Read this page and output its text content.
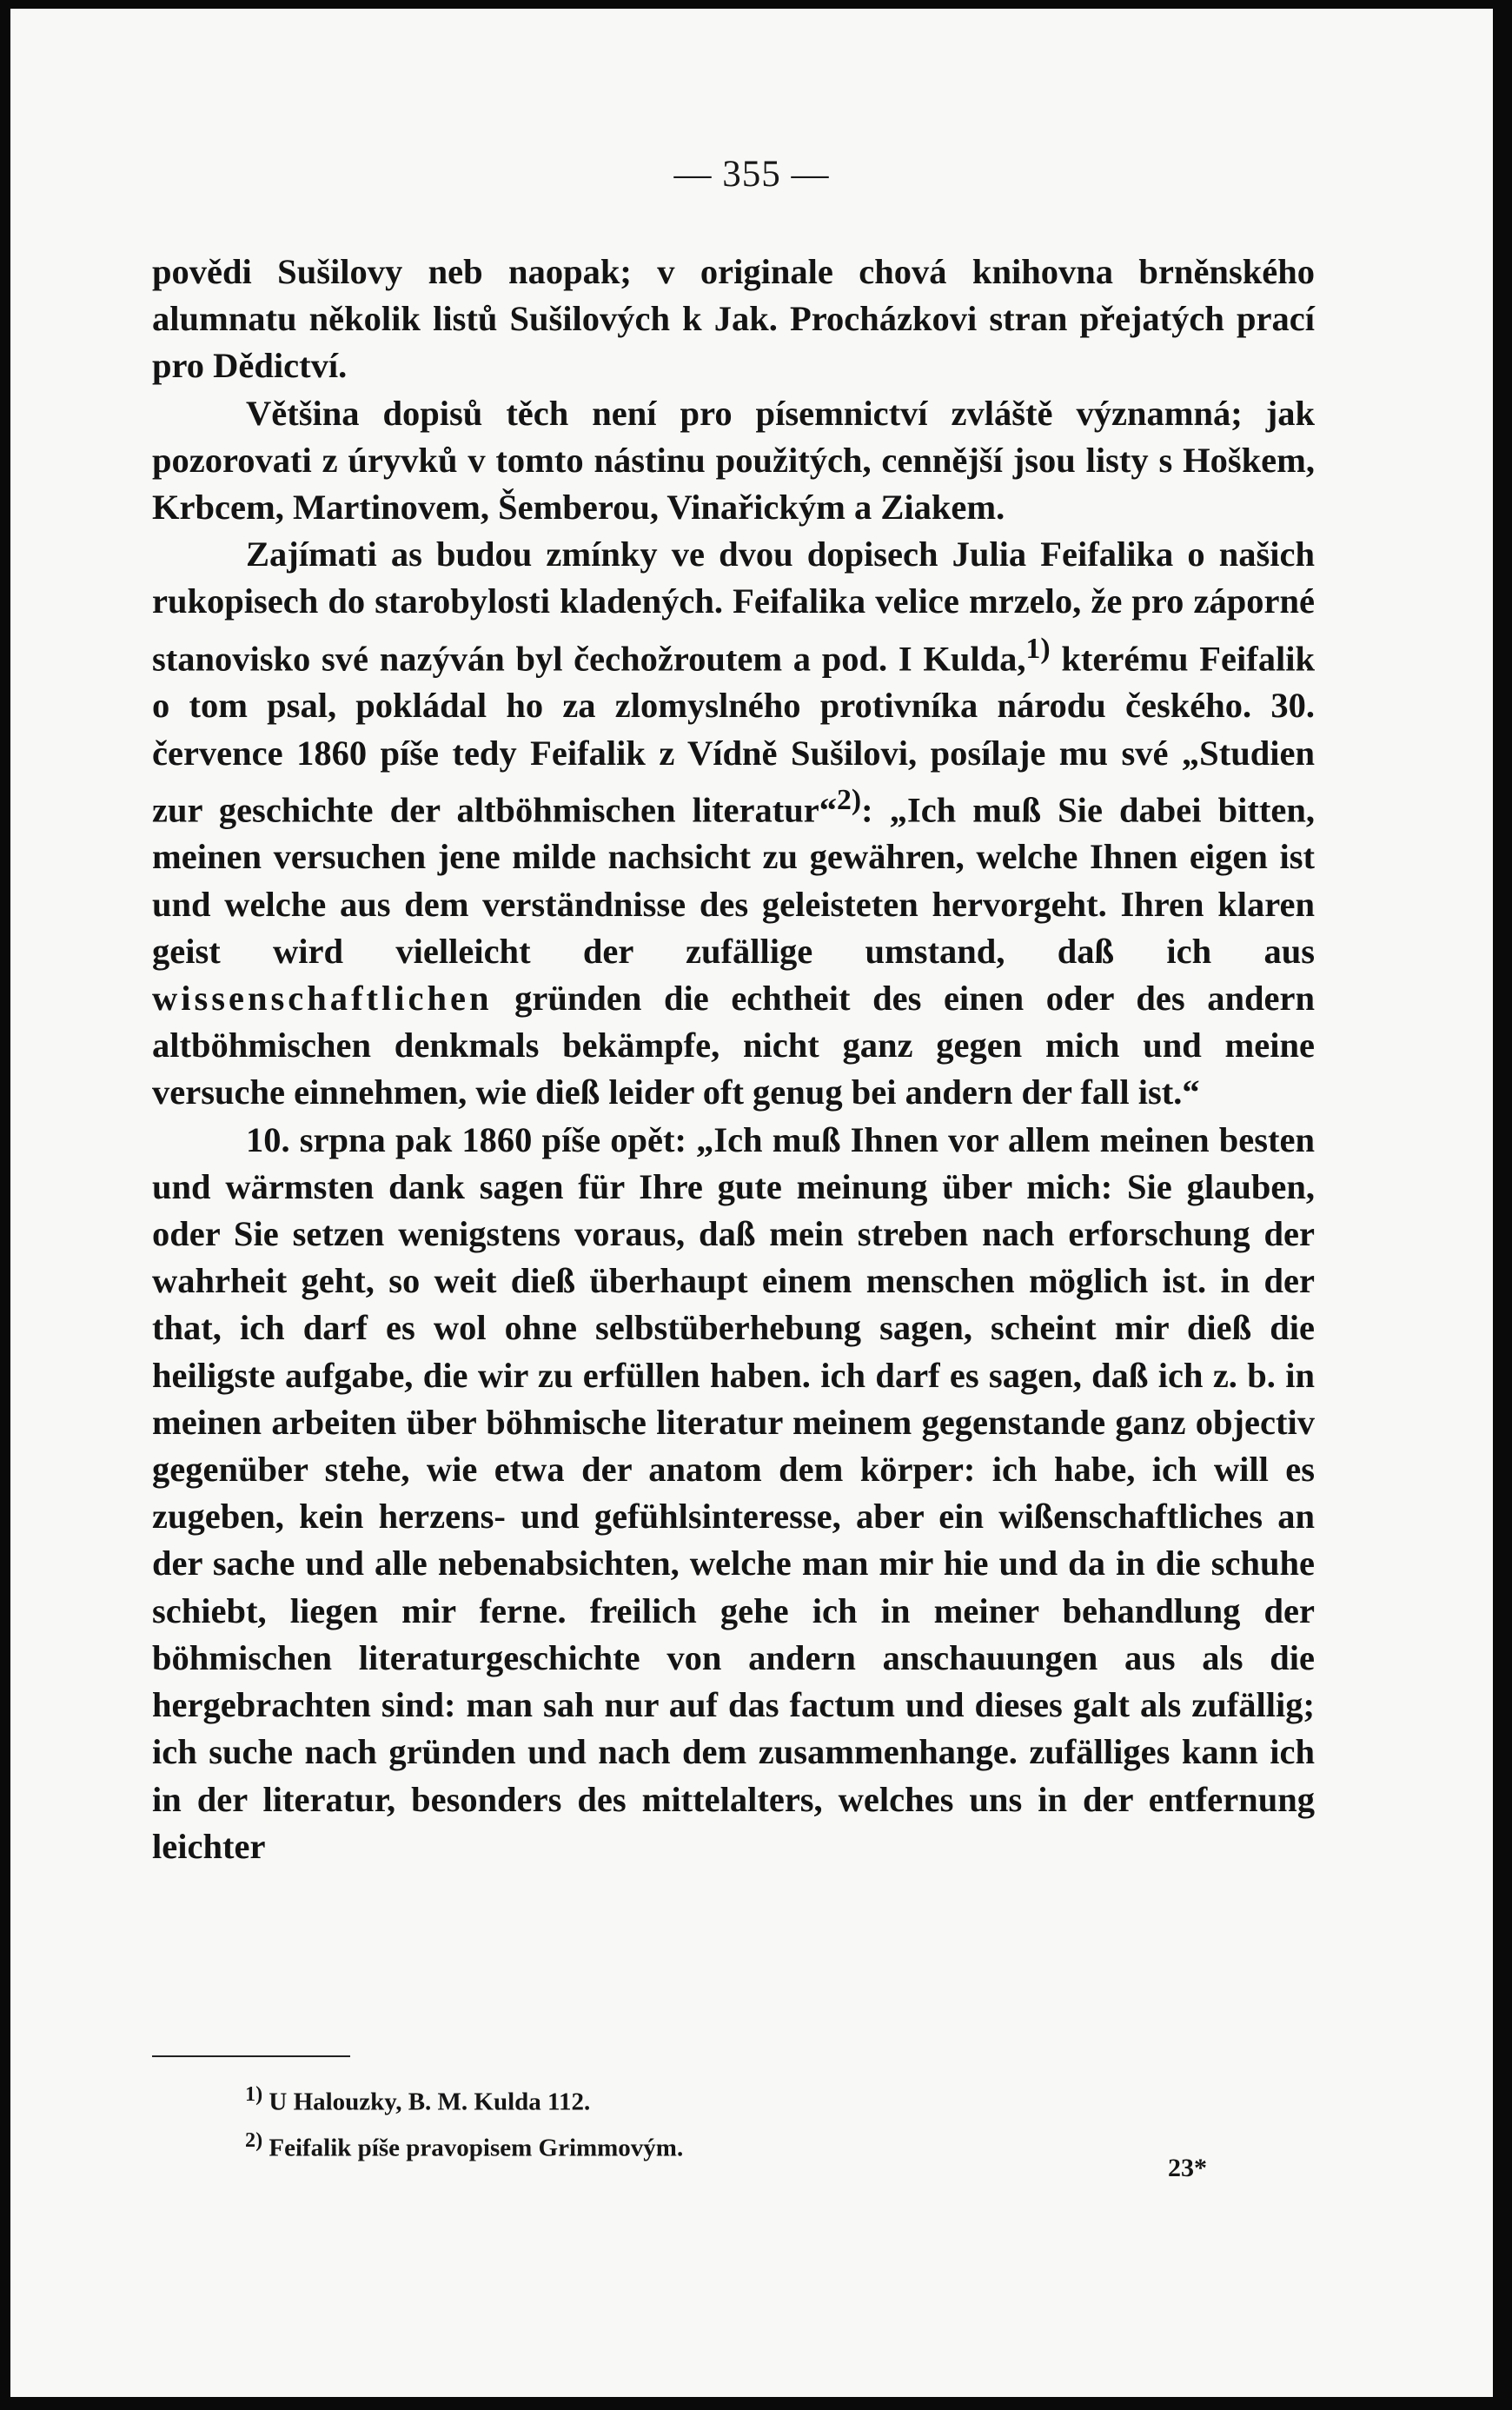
— 355 —

povědi Sušilovy neb naopak; v originale chová knihovna brněnského alumnatu několik listů Sušilových k Jak. Procházkovi stran přejatých prací pro Dědictví.

Většina dopisů těch není pro písemnictví zvláště významná; jak pozorovati z úryvků v tomto nástinu použitých, cennější jsou listy s Hoškem, Krbcem, Martinovem, Šemberou, Vinařickým a Ziakem.

Zajímati as budou zmínky ve dvou dopisech Julia Feifalika o našich rukopisech do starobylosti kladených. Feifalika velice mrzelo, že pro záporné stanovisko své nazýván byl čechožroutem a pod. I Kulda,$^{1)}$ kterému Feifalik o tom psal, pokládal ho za zlomyslného protivníka národu českého. 30. července 1860 píše tedy Feifalik z Vídně Sušilovi, posílaje mu své „Studien zur geschichte der altböhmischen literatur“$^{2)}$: „Ich muß Sie dabei bitten, meinen versuchen jene milde nachsicht zu gewähren, welche Ihnen eigen ist und welche aus dem verständnisse des geleisteten hervorgeht. Ihren klaren geist wird vielleicht der zufällige umstand, daß ich aus wissenschaftlichen gründen die echtheit des einen oder des andern altböhmischen denkmals bekämpfe, nicht ganz gegen mich und meine versuche einnehmen, wie dieß leider oft genug bei andern der fall ist.“

10. srpna pak 1860 píše opět: „Ich muß Ihnen vor allem meinen besten und wärmsten dank sagen für Ihre gute meinung über mich: Sie glauben, oder Sie setzen wenigstens voraus, daß mein streben nach erforschung der wahrheit geht, so weit dieß überhaupt einem menschen möglich ist. in der that, ich darf es wol ohne selbstüberhebung sagen, scheint mir dieß die heiligste aufgabe, die wir zu erfüllen haben. ich darf es sagen, daß ich z. b. in meinen arbeiten über böhmische literatur meinem gegenstande ganz objectiv gegenüber stehe, wie etwa der anatom dem körper: ich habe, ich will es zugeben, kein herzens- und gefühlsinteresse, aber ein wißenschaftliches an der sache und alle nebenabsichten, welche man mir hie und da in die schuhe schiebt, liegen mir ferne. freilich gehe ich in meiner behandlung der böhmischen literaturgeschichte von andern anschauungen aus als die hergebrachten sind: man sah nur auf das factum und dieses galt als zufällig; ich suche nach gründen und nach dem zusammenhange. zufälliges kann ich in der literatur, besonders des mittelalters, welches uns in der entfernung leichter

$^{1)}$ U Halouzky, B. M. Kulda 112.
$^{2)}$ Feifalik píše pravopisem Grimmovým.
23*
